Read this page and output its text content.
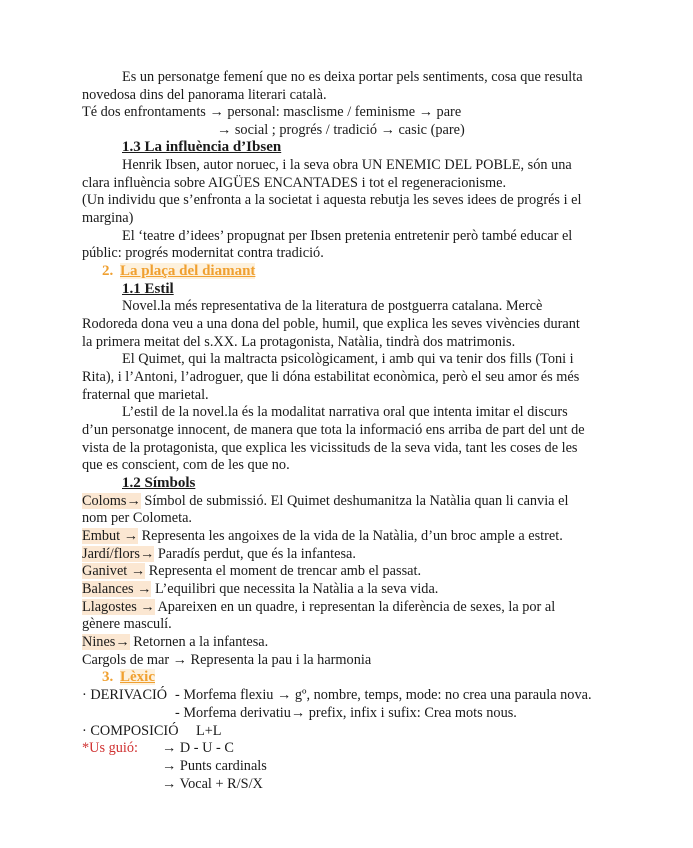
Es un personatge femení que no es deixa portar pels sentiments, cosa que resulta
novedosa dins del panorama literari català.
Té dos enfrontaments → personal: masclisme / feminisme → pare
→ social ; progrés / tradició → casic (pare)
1.3 La influència d’Ibsen
Henrik Ibsen, autor noruec, i la seva obra UN ENEMIC DEL POBLE, són una
clara influència sobre AIGÜES ENCANTADES i tot el regeneracionisme.
(Un individu que s’enfronta a la societat i aquesta rebutja les seves idees de progrés i el
margina)
El ‘teatre d’idees’ propugnat per Ibsen pretenia entretenir però també educar el
públic: progrés modernitat contra tradició.
2. La plaça del diamant
1.1 Estil
Novel.la més representativa de la literatura de postguerra catalana. Mercè
Rodoreda dona veu a una dona del poble, humil, que explica les seves vivències durant
la primera meitat del s.XX. La protagonista, Natàlia, tindrà dos matrimonis.
El Quimet, qui la maltracta psicològicament, i amb qui va tenir dos fills (Toni i
Rita), i l’Antoni, l’adroguer, que li dóna estabilitat econòmica, però el seu amor és més
fraternal que marietal.
L’estil de la novel.la és la modalitat narrativa oral que intenta imitar el discurs
d’un personatge innocent, de manera que tota la informació ens arriba de part del unt de
vista de la protagonista, que explica les vicissituds de la seva vida, tant les coses de les
que es conscient, com de les que no.
1.2 Símbols
Coloms→ Símbol de submissió. El Quimet deshumanitza la Natàlia quan li canvia el
nom per Colometa.
Embut → Representa les angoixes de la vida de la Natàlia, d’un broc ample a estret.
Jardí/flors→ Paradís perdut, que és la infantesa.
Ganivet → Representa el moment de trencar amb el passat.
Balances → L’equilibri que necessita la Natàlia a la seva vida.
Llagostes → Apareixen en un quadre, i representan la diferència de sexes, la por al
gènere masculí.
Nines→ Retornen a la infantesa.
Cargols de mar → Representa la pau i la harmonia
3. Lèxic
· DERIVACIÓ - Morfema flexiu → gº, nombre, temps, mode: no crea una paraula nova.
- Morfema derivatiu→ prefix, infix i sufix: Crea mots nous.
· COMPOSICIÓ L+L
*Us guió: → D - U - C
→ Punts cardinals
→ Vocal + R/S/X
